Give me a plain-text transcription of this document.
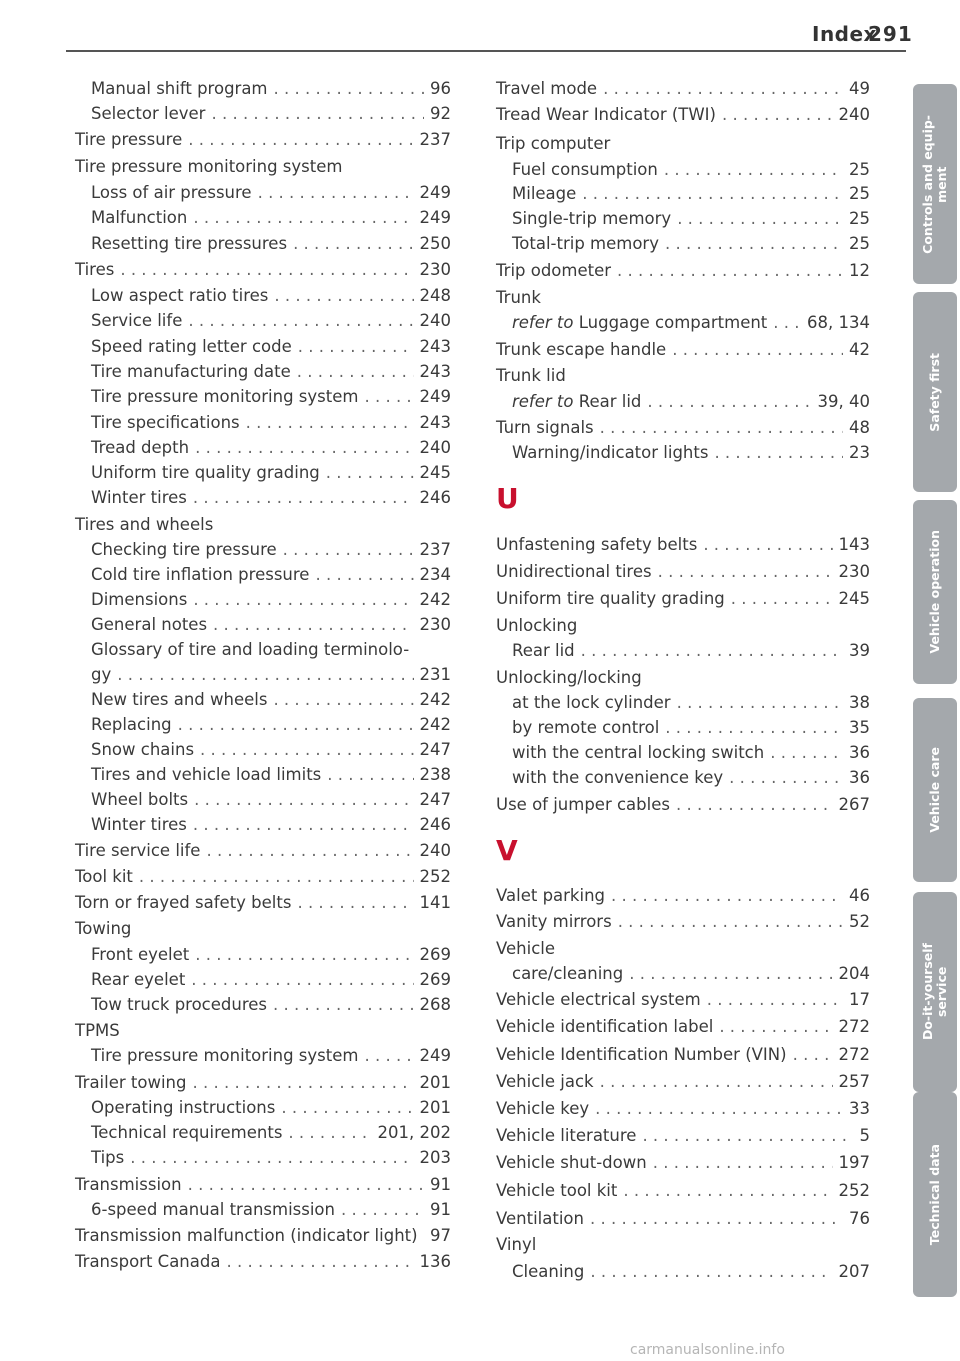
Index
291
Manual shift program . . .	96
Selector lever . . .	92
Tire pressure . . .	237
Tire pressure monitoring system
Loss of air pressure . . .	249
Malfunction . . .	249
Resetting tire pressures . . .	250
Tires . . .	230
Low aspect ratio tires . . .	248
Service life . . .	240
Speed rating letter code . . .	243
Tire manufacturing date . . .	243
Tire pressure monitoring system . . .	249
Tire specifications . . .	243
Tread depth . . .	240
Uniform tire quality grading . . .	245
Winter tires . . .	246
Tires and wheels
Checking tire pressure . . .	237
Cold tire inflation pressure . . .	234
Dimensions . . .	242
General notes . . .	230
Glossary of tire and loading terminolo-
gy . . .	231
New tires and wheels . . .	242
Replacing . . .	242
Snow chains . . .	247
Tires and vehicle load limits . . .	238
Wheel bolts . . .	247
Winter tires . . .	246
Tire service life . . .	240
Tool kit . . .	252
Torn or frayed safety belts . . .	141
Towing
Front eyelet . . .	269
Rear eyelet . . .	269
Tow truck procedures . . .	268
TPMS
Tire pressure monitoring system . . .	249
Trailer towing . . .	201
Operating instructions . . .	201
Technical requirements . . .	201, 202
Tips . . .	203
Transmission . . .	91
6-speed manual transmission . . .	91
Transmission malfunction (indicator light) 97
Transport Canada . . .	136
Travel mode . . .	49
Tread Wear Indicator (TWI) . . .	240
Trip computer
Fuel consumption . . .	25
Mileage . . .	25
Single-trip memory . . .	25
Total-trip memory . . .	25
Trip odometer . . .	12
Trunk
refer to Luggage compartment . . . 68, 134
Trunk escape handle . . .	42
Trunk lid
refer to Rear lid . . .	39, 40
Turn signals . . .	48
Warning/indicator lights . . .	23
U
Unfastening safety belts . . .	143
Unidirectional tires . . .	230
Uniform tire quality grading . . .	245
Unlocking
Rear lid . . .	39
Unlocking/locking
at the lock cylinder . . .	38
by remote control . . .	35
with the central locking switch . . .	36
with the convenience key . . .	36
Use of jumper cables . . .	267
V
Valet parking . . .	46
Vanity mirrors . . .	52
Vehicle
care/cleaning . . .	204
Vehicle electrical system . . .	17
Vehicle identification label . . .	272
Vehicle Identification Number (VIN) . . .	272
Vehicle jack . . .	257
Vehicle key . . .	33
Vehicle literature . . .	5
Vehicle shut-down . . .	197
Vehicle tool kit . . .	252
Ventilation . . .	76
Vinyl
Cleaning . . .	207
Controls and equip-
ment
Safety first
Vehicle operation
Vehicle care
Do-it-yourself
service
Technical data
carmanualsonline.info
